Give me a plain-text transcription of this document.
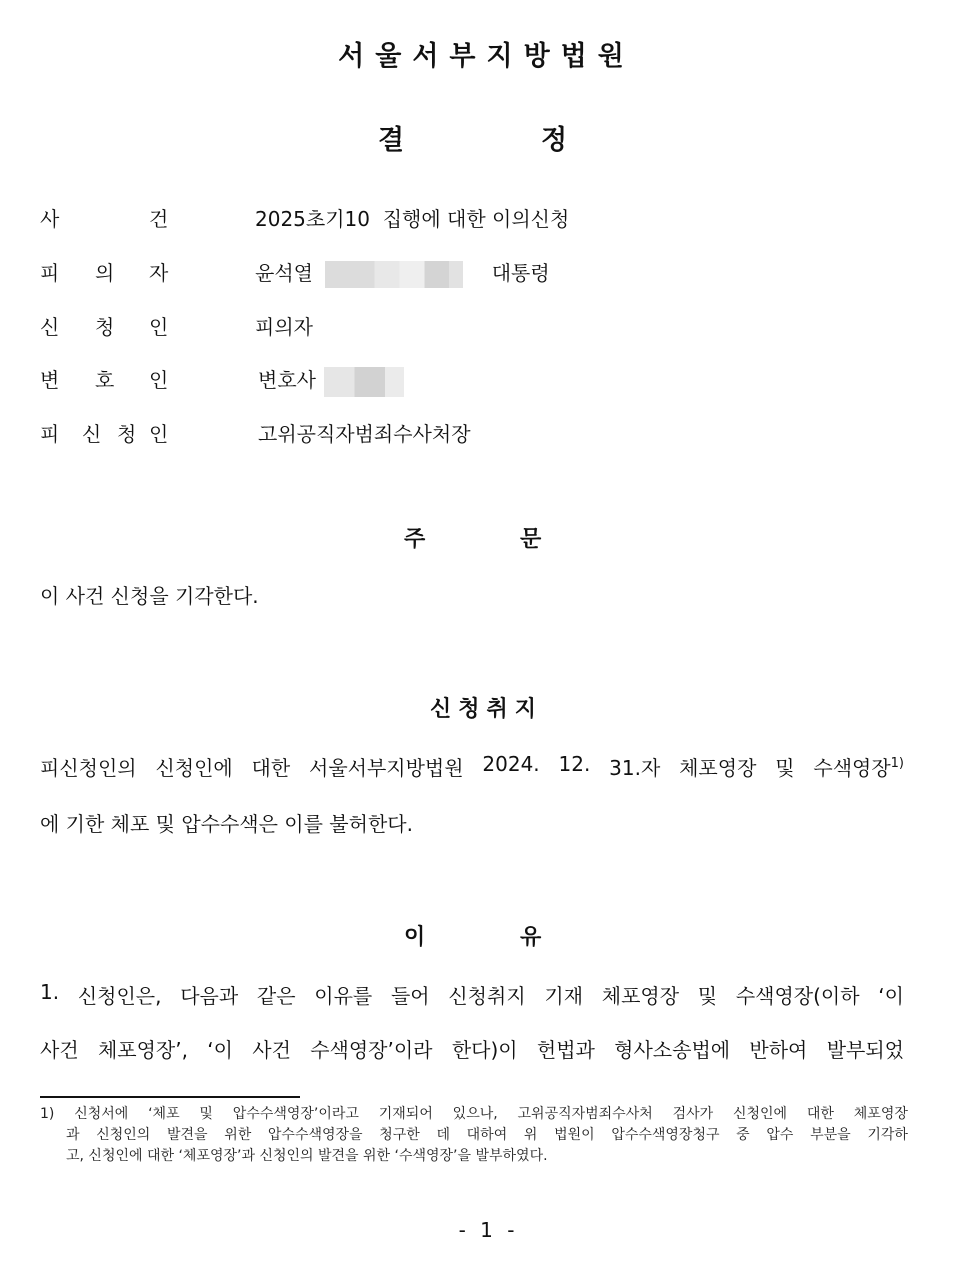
서울서부지방법원
결	정
사	건	2025초기10  집행에 대한 이의신청
피 의 자	윤석열	대통령
신 청 인	피의자
변 호 인	변호사
피 신 청 인	고위공직자범죄수사처장
주	문
이 사건 신청을 기각한다.
신청취지
피신청인의 신청인에 대한 서울서부지방법원 2024. 12. 31.자 체포영장 및 수색영장$^{1)}$
에 기한 체포 및 압수수색은 이를 불허한다.
이	유
1. 신청인은, 다음과 같은 이유를 들어 신청취지 기재 체포영장 및 수색영장(이하 ‘이
사건 체포영장’, ‘이 사건 수색영장’이라 한다)이 헌법과 형사소송법에 반하여 발부되었
1) 신청서에 ‘체포 및 압수수색영장’이라고 기재되어 있으나, 고위공직자범죄수사처 검사가 신청인에 대한 체포영장
과 신청인의 발견을 위한 압수수색영장을 청구한 데 대하여 위 법원이 압수수색영장청구 중 압수 부분을 기각하
고, 신청인에 대한 ‘체포영장’과 신청인의 발견을 위한 ‘수색영장’을 발부하였다.
- 1 -
